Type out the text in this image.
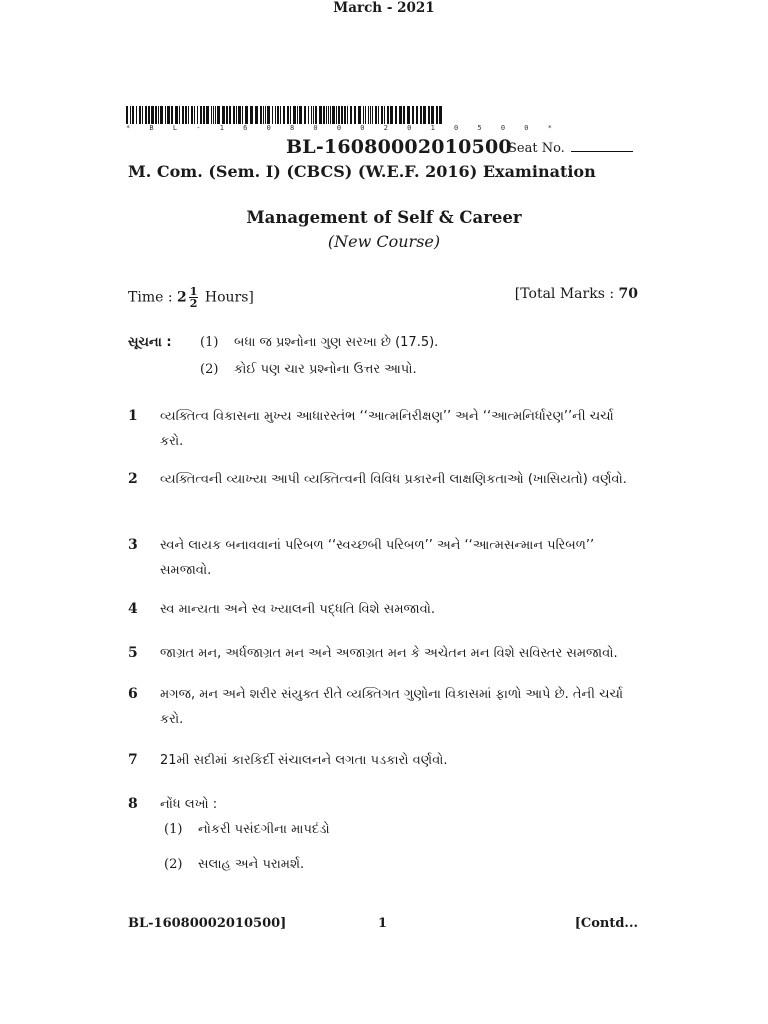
* B L - 1 6 0 8 0 0 0 2 0 1 0 5 0 0 *
BL-16080002010500
Seat No.
M. Com. (Sem. I) (CBCS) (W.E.F. 2016) Examination
March - 2021
Management of Self & Career
(New Course)
Time : $2 \frac{1}{2}$ Hours]	[Total Marks : 70
સૂચના : (1) બધા જ પ્રશ્નોના ગુણ સરખા છે (17.5).
(2) કોઈ પણ ચાર પ્રશ્નોના ઉત્તર આપો.
1 વ્યક્તિત્વ વિકાસના મુખ્ય આધારસ્તંભ ‘‘આત્મનિરીક્ષણ’’ અને ‘‘આત્મનિર્ધારણ’’ની ચર્ચા કરો.
2 વ્યક્તિત્વની વ્યાખ્યા આપી વ્યક્તિત્વની વિવિધ પ્રકારની લાક્ષણિકતાઓ (ખાસિયતો) વર્ણવો.
3 સ્વને લાયક બનાવવાનાં પરિબળ ‘‘સ્વચ્છબી પરિબળ’’ અને ‘‘આત્મસન્માન પરિબળ’’ સમજાવો.
4 સ્વ માન્યતા અને સ્વ ખ્યાલની પદ્ધતિ વિશે સમજાવો.
5 જાગ્રત મન, અર્ધજાગ્રત મન અને અજાગ્રત મન કે અચેતન મન વિશે સવિસ્તર સમજાવો.
6 મગજ, મન અને શરીર સંયુક્ત રીતે વ્યક્તિગત ગુણોના વિકાસમાં ફાળો આપે છે. તેની ચર્ચા કરો.
7 21મી સદીમાં કારકિર્દી સંચાલનને લગતા પડકારો વર્ણવો.
8 નોંધ લખો :
(1) નોકરી પસંદગીના માપદંડો
(2) સલાહ અને પરામર્શ.
BL-16080002010500]	1	[Contd...
